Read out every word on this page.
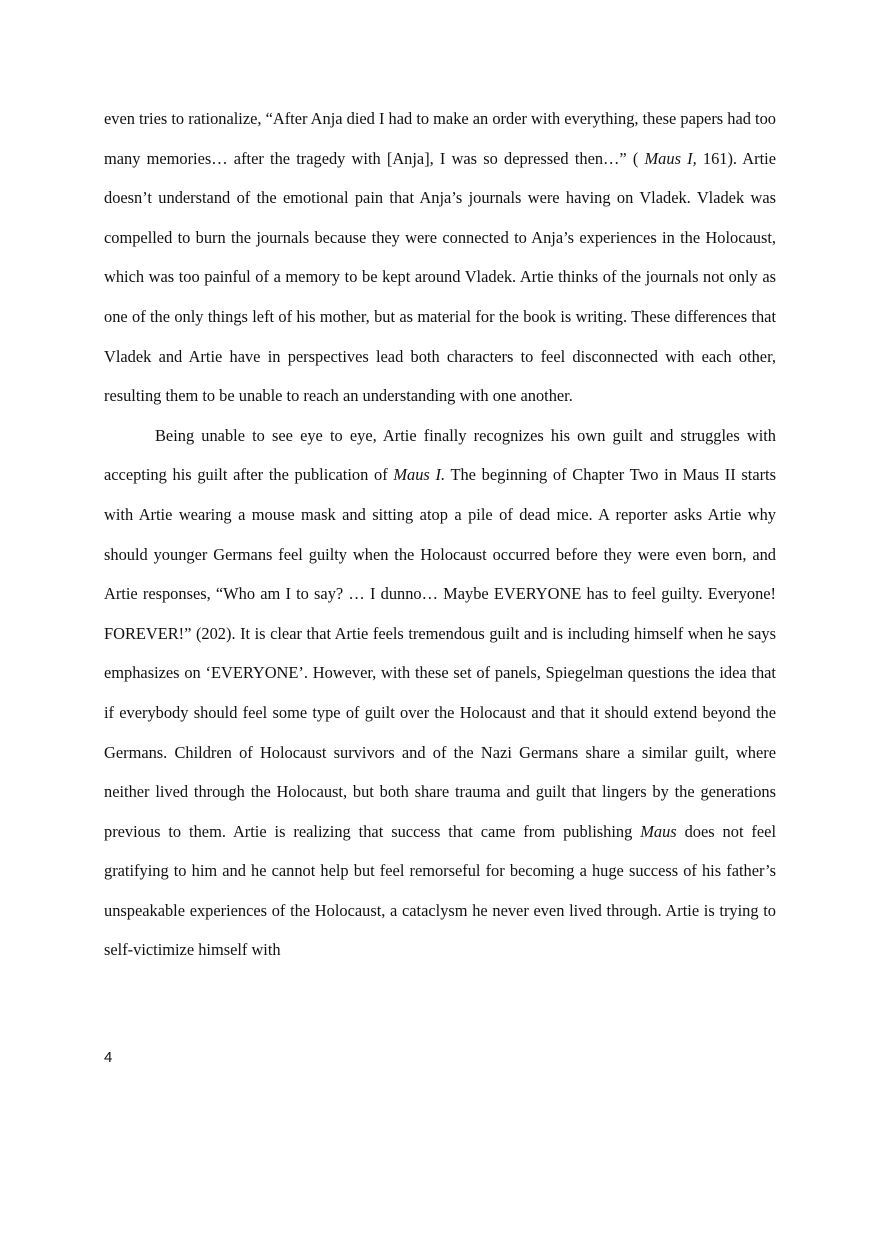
even tries to rationalize, “After Anja died I had to make an order with everything, these papers had too many memories… after the tragedy with [Anja], I was so depressed then…” ( Maus I, 161). Artie doesn’t understand of the emotional pain that Anja’s journals were having on Vladek. Vladek was compelled to burn the journals because they were connected to Anja’s experiences in the Holocaust, which was too painful of a memory to be kept around Vladek. Artie thinks of the journals not only as one of the only things left of his mother, but as material for the book is writing. These differences that Vladek and Artie have in perspectives lead both characters to feel disconnected with each other, resulting them to be unable to reach an understanding with one another.

Being unable to see eye to eye, Artie finally recognizes his own guilt and struggles with accepting his guilt after the publication of Maus I. The beginning of Chapter Two in Maus II starts with Artie wearing a mouse mask and sitting atop a pile of dead mice. A reporter asks Artie why should younger Germans feel guilty when the Holocaust occurred before they were even born, and Artie responses, “Who am I to say? … I dunno… Maybe EVERYONE has to feel guilty. Everyone! FOREVER!” (202). It is clear that Artie feels tremendous guilt and is including himself when he says emphasizes on ‘EVERYONE’. However, with these set of panels, Spiegelman questions the idea that if everybody should feel some type of guilt over the Holocaust and that it should extend beyond the Germans. Children of Holocaust survivors and of the Nazi Germans share a similar guilt, where neither lived through the Holocaust, but both share trauma and guilt that lingers by the generations previous to them. Artie is realizing that success that came from publishing Maus does not feel gratifying to him and he cannot help but feel remorseful for becoming a huge success of his father’s unspeakable experiences of the Holocaust, a cataclysm he never even lived through. Artie is trying to self-victimize himself with

4
